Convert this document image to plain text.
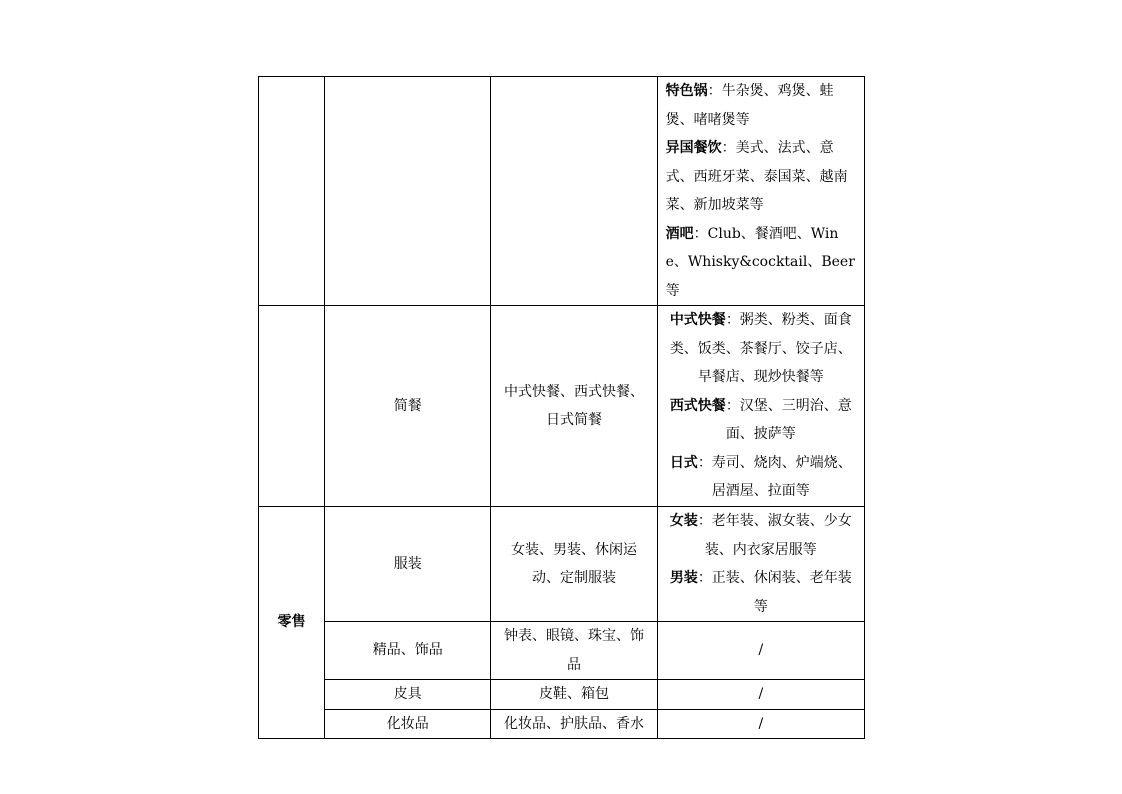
			特色锅：牛杂煲、鸡煲、蛙煲、啫啫煲等
异国餐饮：美式、法式、意式、西班牙菜、泰国菜、越南菜、新加坡菜等
酒吧：Club、餐酒吧、Wine、Whisky&cocktail、Beer等

	简餐	中式快餐、西式快餐、日式简餐	中式快餐：粥类、粉类、面食类、饭类、茶餐厅、饺子店、早餐店、现炒快餐等
西式快餐：汉堡、三明治、意面、披萨等
日式：寿司、烧肉、炉端烧、居酒屋、拉面等

零售	服装	女装、男装、休闲运动、定制服装	女装：老年装、淑女装、少女装、内衣家居服等
男装：正装、休闲装、老年装等

	精品、饰品	钟表、眼镜、珠宝、饰品	/
	皮具	皮鞋、箱包	/
	化妆品	化妆品、护肤品、香水	/
